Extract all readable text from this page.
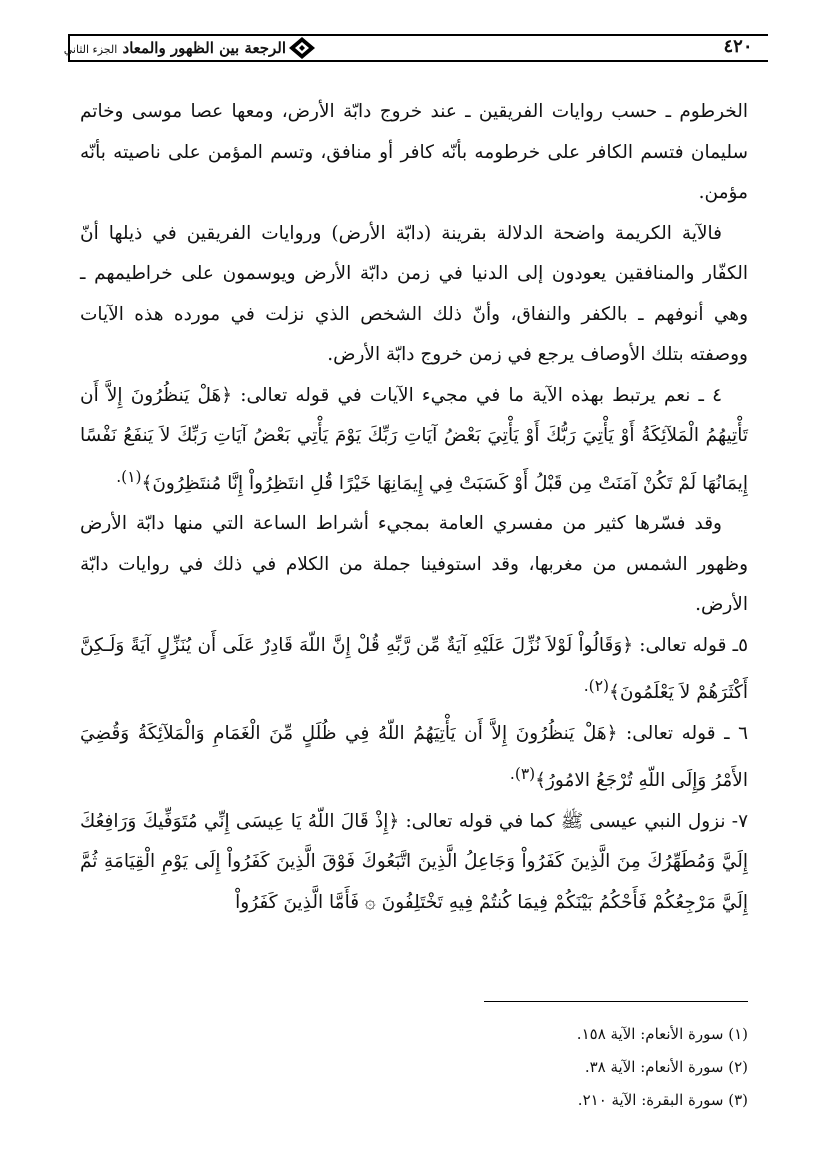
الرجعة بين الظهور والمعاد الجزء الثاني	٤٢٠

الخرطوم ـ حسب روايات الفريقين ـ عند خروج دابّة الأرض، ومعها عصا موسى وخاتم سليمان فتسم الكافر على خرطومه بأنّه كافر أو منافق، وتسم المؤمن على ناصيته بأنّه مؤمن.

فالآية الكريمة واضحة الدلالة بقرينة (دابّة الأرض) وروايات الفريقين في ذيلها أنّ الكفّار والمنافقين يعودون إلى الدنيا في زمن دابّة الأرض ويوسمون على خراطيمهم ـ وهي أنوفهم ـ بالكفر والنفاق، وأنّ ذلك الشخص الذي نزلت في مورده هذه الآيات ووصفته بتلك الأوصاف يرجع في زمن خروج دابّة الأرض.

٤ ـ نعم يرتبط بهذه الآية ما في مجيء الآيات في قوله تعالى: ﴿هَلْ يَنظُرُونَ إِلاَّ أَن تَأْتِيهُمُ الْمَلآئِكَةُ أَوْ يَأْتِيَ رَبُّكَ أَوْ يَأْتِيَ بَعْضُ آيَاتِ رَبِّكَ يَوْمَ يَأْتِي بَعْضُ آيَاتِ رَبِّكَ لاَ يَنفَعُ نَفْسًا إِيمَانُهَا لَمْ تَكُنْ آمَنَتْ مِن قَبْلُ أَوْ كَسَبَتْ فِي إِيمَانِهَا خَيْرًا قُلِ انتَظِرُواْ إِنَّا مُنتَظِرُونَ﴾$^{(١).}$

وقد فسّرها كثير من مفسري العامة بمجيء أشراط الساعة التي منها دابّة الأرض وظهور الشمس من مغربها، وقد استوفينا جملة من الكلام في ذلك في روايات دابّة الأرض.

٥ـ قوله تعالى: ﴿وَقَالُواْ لَوْلاَ نُزِّلَ عَلَيْهِ آيَةٌ مِّن رَّبِّهِ قُلْ إِنَّ اللّهَ قَادِرٌ عَلَى أَن يُنَزِّلٍ آيَةً وَلَـكِنَّ أَكْثَرَهُمْ لاَ يَعْلَمُونَ﴾$^{(٢).}$

٦ ـ قوله تعالى: ﴿هَلْ يَنظُرُونَ إِلاَّ أَن يَأْتِيَهُمُ اللّهُ فِي ظُلَلٍ مِّنَ الْغَمَامِ وَالْمَلآئِكَةُ وَقُضِيَ الأَمْرُ وَإِلَى اللّهِ تُرْجَعُ الامُورُ﴾$^{(٣).}$

٧- نزول النبي عيسى ﷺ كما في قوله تعالى: ﴿إِذْ قَالَ اللّهُ يَا عِيسَى إِنِّي مُتَوَفِّيكَ وَرَافِعُكَ إِلَيَّ وَمُطَهِّرُكَ مِنَ الَّذِينَ كَفَرُواْ وَجَاعِلُ الَّذِينَ اتَّبَعُوكَ فَوْقَ الَّذِينَ كَفَرُواْ إِلَى يَوْمِ الْقِيَامَةِ ثُمَّ إِلَيَّ مَرْجِعُكُمْ فَأَحْكُمُ بَيْنَكُمْ فِيمَا كُنتُمْ فِيهِ تَخْتَلِفُونَ ۞ فَأَمَّا الَّذِينَ كَفَرُواْ

(١) سورة الأنعام: الآية ١٥٨.
(٢) سورة الأنعام: الآية ٣٨.
(٣) سورة البقرة: الآية ٢١٠.
